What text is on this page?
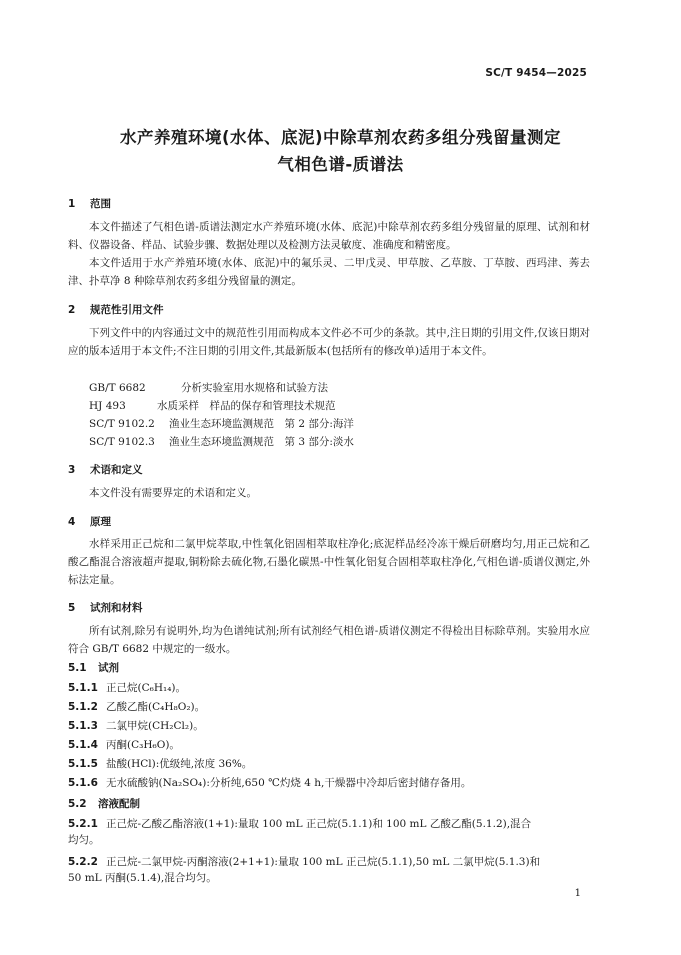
SC/T 9454—2025
水产养殖环境(水体、底泥)中除草剂农药多组分残留量测定
气相色谱-质谱法
1 范围
本文件描述了气相色谱-质谱法测定水产养殖环境(水体、底泥)中除草剂农药多组分残留量的原理、试剂和材料、仪器设备、样品、试验步骤、数据处理以及检测方法灵敏度、准确度和精密度。
本文件适用于水产养殖环境(水体、底泥)中的氟乐灵、二甲戊灵、甲草胺、乙草胺、丁草胺、西玛津、莠去津、扑草净 8 种除草剂农药多组分残留量的测定。
2 规范性引用文件
下列文件中的内容通过文中的规范性引用而构成本文件必不可少的条款。其中,注日期的引用文件,仅该日期对应的版本适用于本文件;不注日期的引用文件,其最新版本(包括所有的修改单)适用于本文件。
GB/T 6682	分析实验室用水规格和试验方法
HJ 493	水质采样　样品的保存和管理技术规范
SC/T 9102.2 渔业生态环境监测规范　第 2 部分:海洋
SC/T 9102.3 渔业生态环境监测规范　第 3 部分:淡水
3 术语和定义
本文件没有需要界定的术语和定义。
4 原理
水样采用正己烷和二氯甲烷萃取,中性氧化铝固相萃取柱净化;底泥样品经冷冻干燥后研磨均匀,用正己烷和乙酸乙酯混合溶液超声提取,铜粉除去硫化物,石墨化碳黑-中性氧化铝复合固相萃取柱净化,气相色谱-质谱仪测定,外标法定量。
5 试剂和材料
所有试剂,除另有说明外,均为色谱纯试剂;所有试剂经气相色谱-质谱仪测定不得检出目标除草剂。实验用水应符合 GB/T 6682 中规定的一级水。
5.1 试剂
5.1.1 正己烷(C₆H₁₄)。
5.1.2 乙酸乙酯(C₄H₈O₂)。
5.1.3 二氯甲烷(CH₂Cl₂)。
5.1.4 丙酮(C₃H₆O)。
5.1.5 盐酸(HCl):优级纯,浓度 36%。
5.1.6 无水硫酸钠(Na₂SO₄):分析纯,650 ℃灼烧 4 h,干燥器中冷却后密封储存备用。
5.2 溶液配制
5.2.1 正己烷-乙酸乙酯溶液(1+1):量取 100 mL 正己烷(5.1.1)和 100 mL 乙酸乙酯(5.1.2),混合
均匀。
5.2.2 正己烷-二氯甲烷-丙酮溶液(2+1+1):量取 100 mL 正己烷(5.1.1),50 mL 二氯甲烷(5.1.3)和
50 mL 丙酮(5.1.4),混合均匀。
1
